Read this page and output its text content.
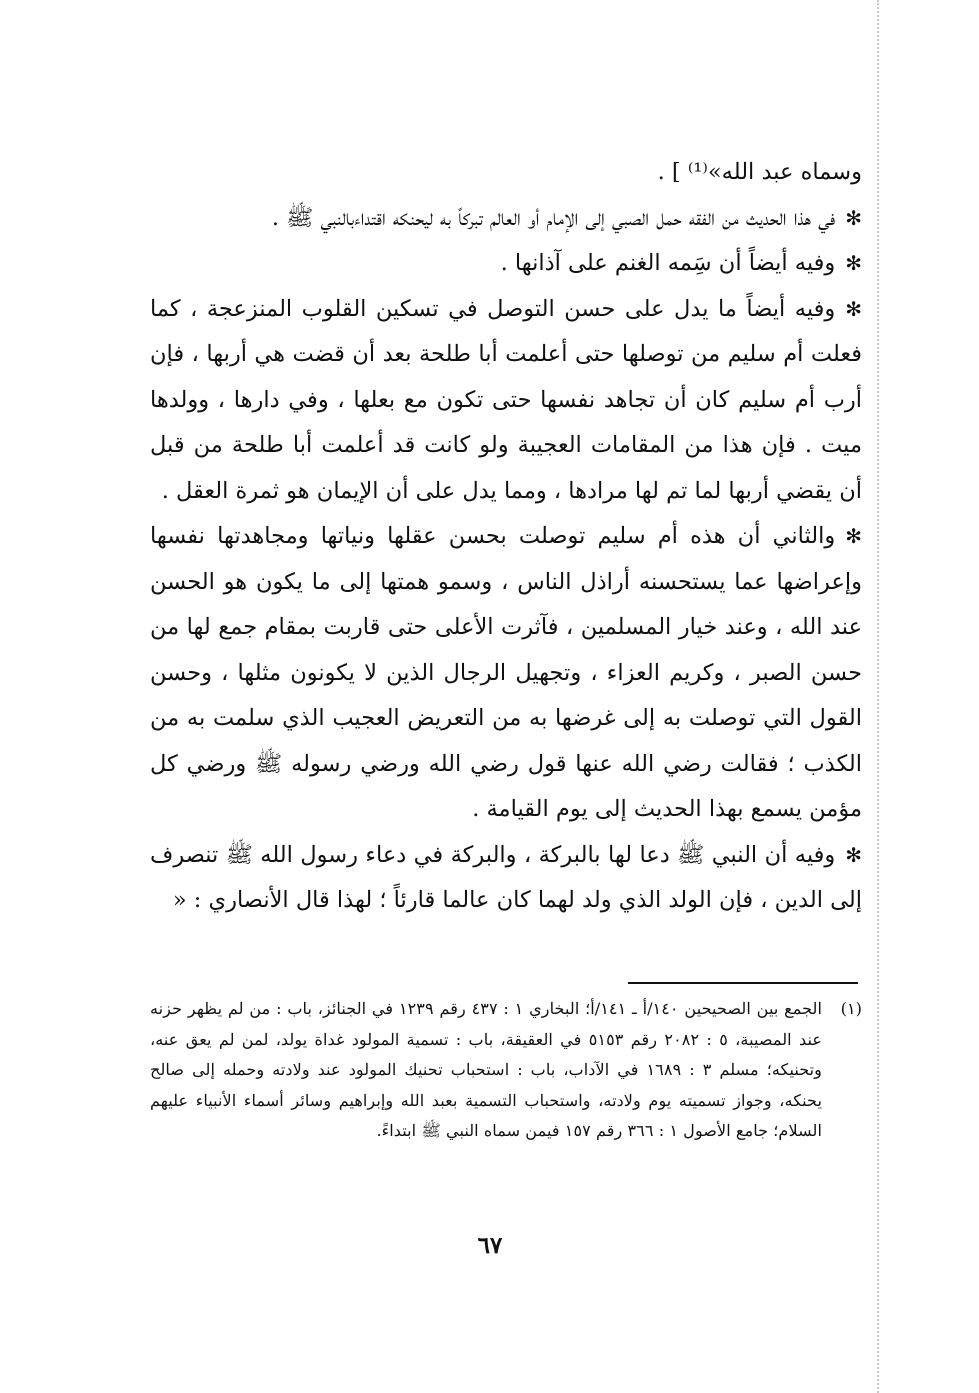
وسماه عبد الله»⁽¹⁾ ] .

✻في هذا الحديث من الفقه حمل الصبي إلى الإمام أو العالم تبركاً به ليحنكه اقتداءبالنبي ﷺ .

✻وفيه أيضاً أن سَِمه الغنم على آذانها .

✻وفيه أيضاً ما يدل على حسن التوصل في تسكين القلوب المنزعجة ، كما فعلت أم سليم من توصلها حتى أعلمت أبا طلحة بعد أن قضت هي أربها ، فإن أرب أم سليم كان أن تجاهد نفسها حتى تكون مع بعلها ، وفي دارها ، وولدها ميت . فإن هذا من المقامات العجيبة ولو كانت قد أعلمت أبا طلحة من قبل أن يقضي أربها لما تم لها مرادها ، ومما يدل على أن الإيمان هو ثمرة العقل .

✻والثاني أن هذه أم سليم توصلت بحسن عقلها ونياتها ومجاهدتها نفسها وإعراضها عما يستحسنه أراذل الناس ، وسمو همتها إلى ما يكون هو الحسن عند الله ، وعند خيار المسلمين ، فآثرت الأعلى حتى قاربت بمقام جمع لها من حسن الصبر ، وكريم العزاء ، وتجهيل الرجال الذين لا يكونون مثلها ، وحسن القول التي توصلت به إلى غرضها به من التعريض العجيب الذي سلمت به من الكذب ؛ فقالت رضي الله عنها قول رضي الله ورضي رسوله ﷺ ورضي كل مؤمن يسمع بهذا الحديث إلى يوم القيامة .

✻وفيه أن النبي ﷺ دعا لها بالبركة ، والبركة في دعاء رسول الله ﷺ تنصرف إلى الدين ، فإن الولد الذي ولد لهما كان عالما قارئاً ؛ لهذا قال الأنصاري : «

(١)الجمع بين الصحيحين ١٤٠/أ ـ ١٤١/أ؛ البخاري ١ : ٤٣٧ رقم ١٢٣٩ في الجنائز، باب : من لم يظهر حزنه عند المصيبة، ٥ : ٢٠٨٢ رقم ٥١٥٣ في العقيقة، باب : تسمية المولود غداة يولد، لمن لم يعق عنه، وتحنيكه؛ مسلم ٣ : ١٦٨٩ في الآداب، باب : استحباب تحنيك المولود عند ولادته وحمله إلى صالح يحنكه، وجواز تسميته يوم ولادته، واستحباب التسمية بعبد الله وإبراهيم وسائر أسماء الأنبياء عليهم السلام؛ جامع الأصول ١ : ٣٦٦ رقم ١٥٧ فيمن سماه النبي ﷺ ابتداءً.

٦٧
